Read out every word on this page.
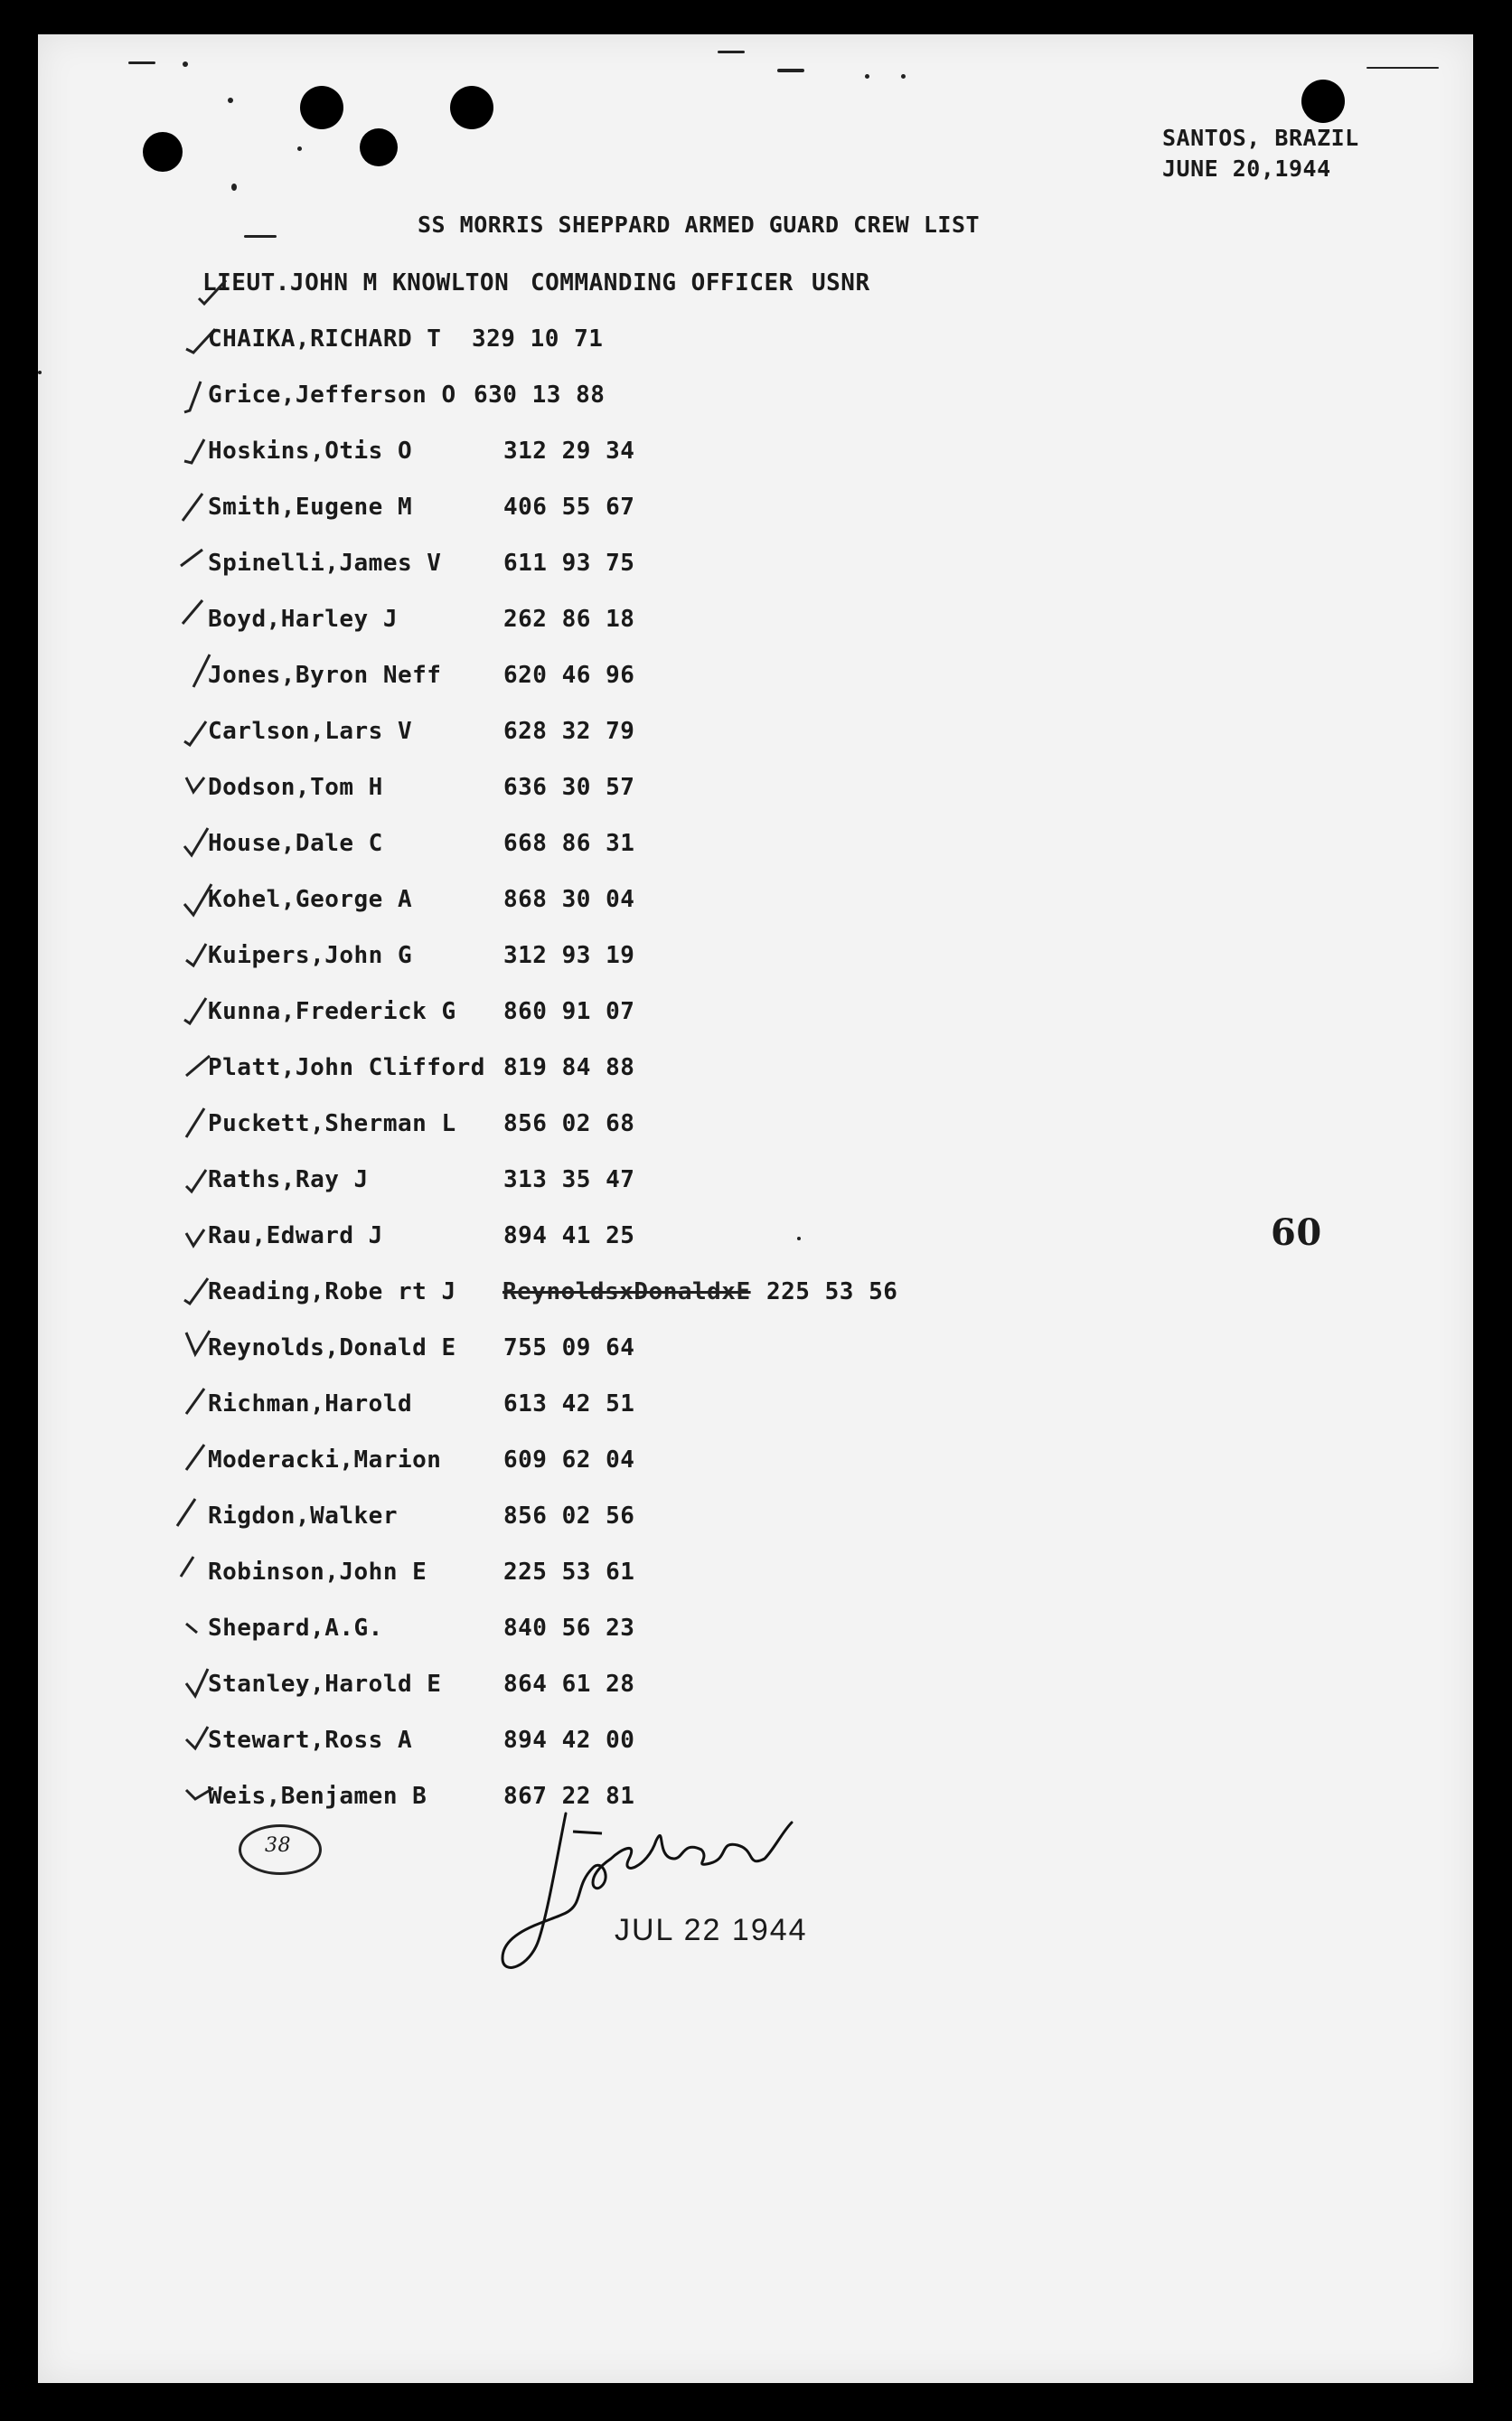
SANTOS, BRAZIL
JUNE 20,1944
SS MORRIS SHEPPARD ARMED GUARD CREW LIST
LIEUT.JOHN M KNOWLTON COMMANDING OFFICER USNR
CHAIKA,RICHARD T 329 10 71
Grice,Jefferson O 630 13 88
Hoskins,Otis O	312 29 34
Smith,Eugene M	406 55 67
Spinelli,James V	611 93 75
Boyd,Harley J	262 86 18
Jones,Byron Neff	620 46 96
Carlson,Lars V	628 32 79
Dodson,Tom H	636 30 57
House,Dale C	668 86 31
Kohel,George A	868 30 04
Kuipers,John G	312 93 19
Kunna,Frederick G 860 91 07
Platt,John Clifford 819 84 88
Puckett,Sherman L 856 02 68
Raths,Ray J	313 35 47
Rau,Edward J	894 41 25
Reading,Robe rt J ReynoldsxDonaldxE 225 53 56
Reynolds,Donald E 755 09 64
Richman,Harold	613 42 51
Moderacki,Marion	609 62 04
Rigdon,Walker	856 02 56
Robinson,John E	225 53 61
Shepard,A.G.	840 56 23
Stanley,Harold E	864 61 28
Stewart,Ross A	894 42 00
Weis,Benjamen B	867 22 81
60
38
JUL 22 1944
